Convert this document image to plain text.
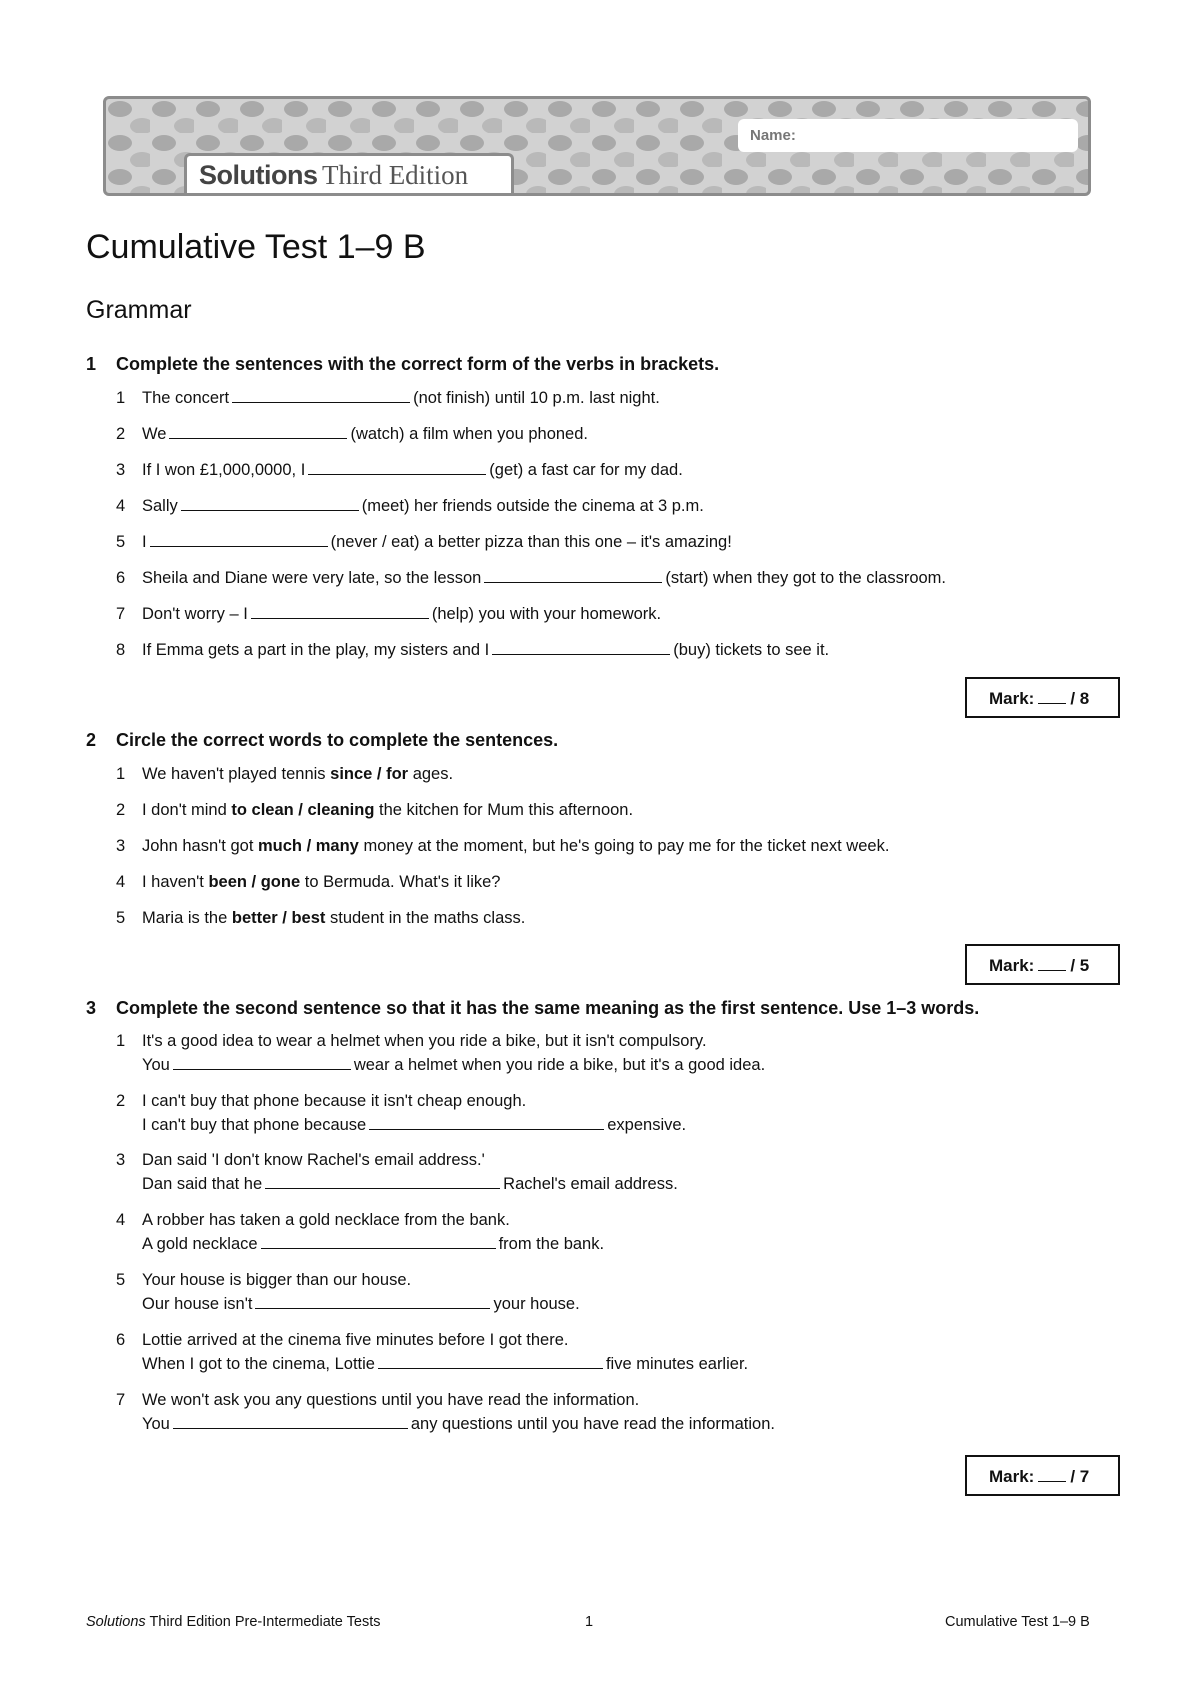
Name:
Solutions Third Edition
Cumulative Test 1–9 B
Grammar
1 Complete the sentences with the correct form of the verbs in brackets.
1 The concert	(not finish) until 10 p.m. last night.
2 We	(watch) a film when you phoned.
3 If I won £1,000,0000, I	(get) a fast car for my dad.
4 Sally	(meet) her friends outside the cinema at 3 p.m.
5 I	(never / eat) a better pizza than this one – it's amazing!
6 Sheila and Diane were very late, so the lesson	(start) when they got to the classroom.
7 Don't worry – I	(help) you with your homework.
8 If Emma gets a part in the play, my sisters and I	(buy) tickets to see it.
Mark: / 8
2 Circle the correct words to complete the sentences.
1 We haven't played tennis since / for ages.
2 I don't mind to clean / cleaning the kitchen for Mum this afternoon.
3 John hasn't got much / many money at the moment, but he's going to pay me for the ticket next week.
4 I haven't been / gone to Bermuda. What's it like?
5 Maria is the better / best student in the maths class.
Mark: / 5
3 Complete the second sentence so that it has the same meaning as the first sentence. Use 1–3 words.
1 It's a good idea to wear a helmet when you ride a bike, but it isn't compulsory.
You	wear a helmet when you ride a bike, but it's a good idea.
2 I can't buy that phone because it isn't cheap enough.
I can't buy that phone because	expensive.
3 Dan said 'I don't know Rachel's email address.'
Dan said that he	Rachel's email address.
4 A robber has taken a gold necklace from the bank.
A gold necklace	from the bank.
5 Your house is bigger than our house.
Our house isn't	your house.
6 Lottie arrived at the cinema five minutes before I got there.
When I got to the cinema, Lottie	five minutes earlier.
7 We won't ask you any questions until you have read the information.
You	any questions until you have read the information.
Mark: / 7
Solutions Third Edition Pre-Intermediate Tests	1	Cumulative Test 1–9 B
